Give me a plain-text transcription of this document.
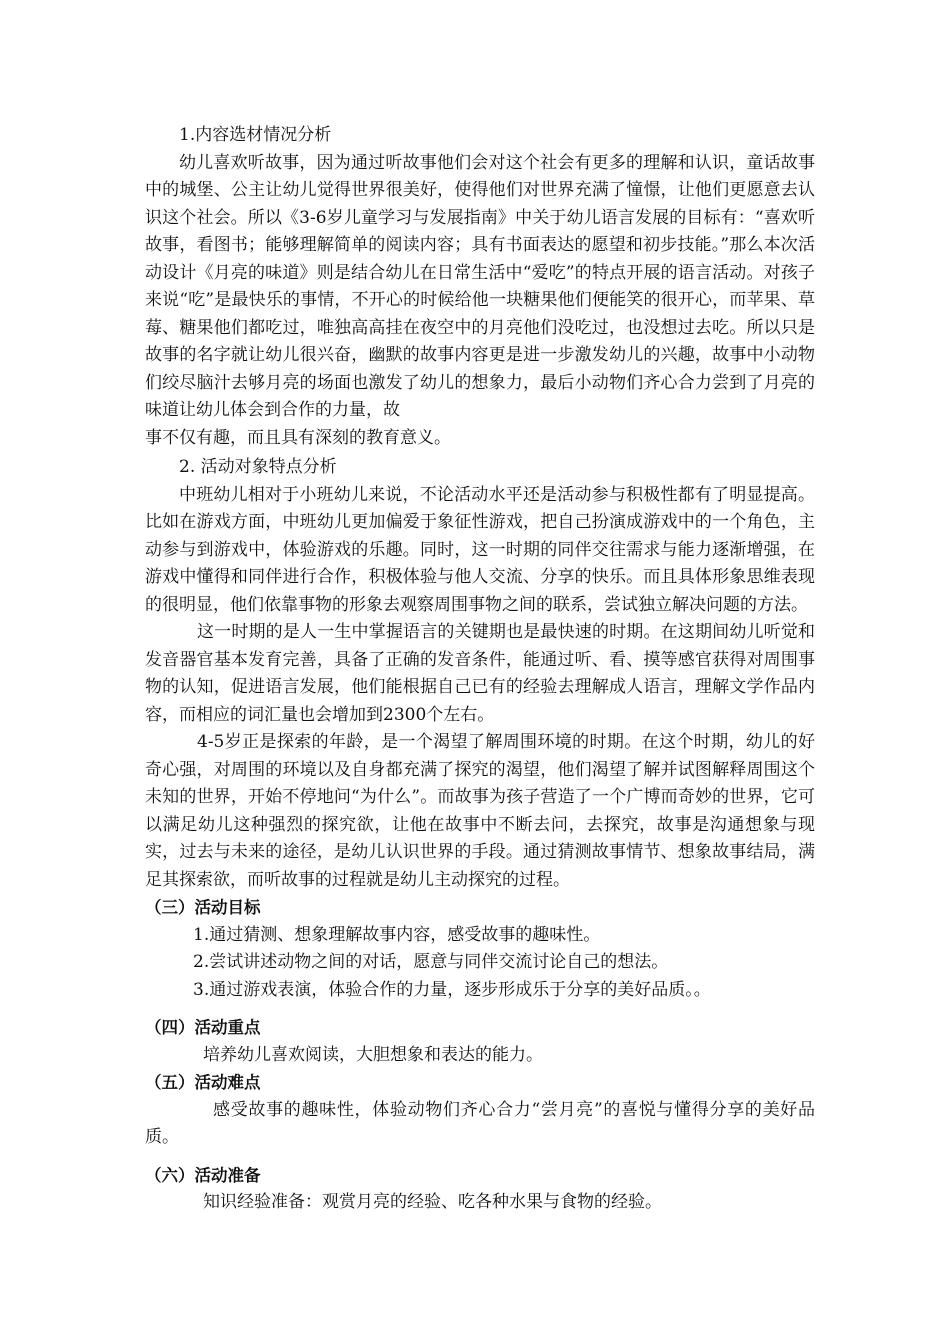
1.内容选材情况分析

幼儿喜欢听故事，因为通过听故事他们会对这个社会有更多的理解和认识，童话故事中的城堡、公主让幼儿觉得世界很美好，使得他们对世界充满了憧憬，让他们更愿意去认识这个社会。所以《3-6岁儿童学习与发展指南》中关于幼儿语言发展的目标有：“喜欢听故事，看图书；能够理解简单的阅读内容；具有书面表达的愿望和初步技能。”那么本次活动设计《月亮的味道》则是结合幼儿在日常生活中“爱吃”的特点开展的语言活动。对孩子来说“吃”是最快乐的事情，不开心的时候给他一块糖果他们便能笑的很开心，而苹果、草莓、糖果他们都吃过，唯独高高挂在夜空中的月亮他们没吃过，也没想过去吃。所以只是故事的名字就让幼儿很兴奋，幽默的故事内容更是进一步激发幼儿的兴趣，故事中小动物们绞尽脑汁去够月亮的场面也激发了幼儿的想象力，最后小动物们齐心合力尝到了月亮的味道让幼儿体会到合作的力量，故

事不仅有趣，而且具有深刻的教育意义。

2. 活动对象特点分析

中班幼儿相对于小班幼儿来说，不论活动水平还是活动参与积极性都有了明显提高。比如在游戏方面，中班幼儿更加偏爱于象征性游戏，把自己扮演成游戏中的一个角色，主动参与到游戏中，体验游戏的乐趣。同时，这一时期的同伴交往需求与能力逐渐增强，在游戏中懂得和同伴进行合作，积极体验与他人交流、分享的快乐。而且具体形象思维表现的很明显，他们依靠事物的形象去观察周围事物之间的联系，尝试独立解决问题的方法。

这一时期的是人一生中掌握语言的关键期也是最快速的时期。在这期间幼儿听觉和发音器官基本发育完善，具备了正确的发音条件，能通过听、看、摸等感官获得对周围事物的认知，促进语言发展，他们能根据自己已有的经验去理解成人语言，理解文学作品内容，而相应的词汇量也会增加到2300个左右。

4-5岁正是探索的年龄，是一个渴望了解周围环境的时期。在这个时期，幼儿的好奇心强，对周围的环境以及自身都充满了探究的渴望，他们渴望了解并试图解释周围这个未知的世界，开始不停地问“为什么”。而故事为孩子营造了一个广博而奇妙的世界，它可以满足幼儿这种强烈的探究欲，让他在故事中不断去问，去探究，故事是沟通想象与现实，过去与未来的途径，是幼儿认识世界的手段。通过猜测故事情节、想象故事结局，满足其探索欲，而听故事的过程就是幼儿主动探究的过程。

（三）活动目标

1.通过猜测、想象理解故事内容，感受故事的趣味性。

2.尝试讲述动物之间的对话，愿意与同伴交流讨论自己的想法。

3.通过游戏表演，体验合作的力量，逐步形成乐于分享的美好品质。。

（四）活动重点

培养幼儿喜欢阅读，大胆想象和表达的能力。

（五）活动难点

感受故事的趣味性，体验动物们齐心合力“尝月亮”的喜悦与懂得分享的美好品质。

（六）活动准备

知识经验准备：观赏月亮的经验、吃各种水果与食物的经验。
